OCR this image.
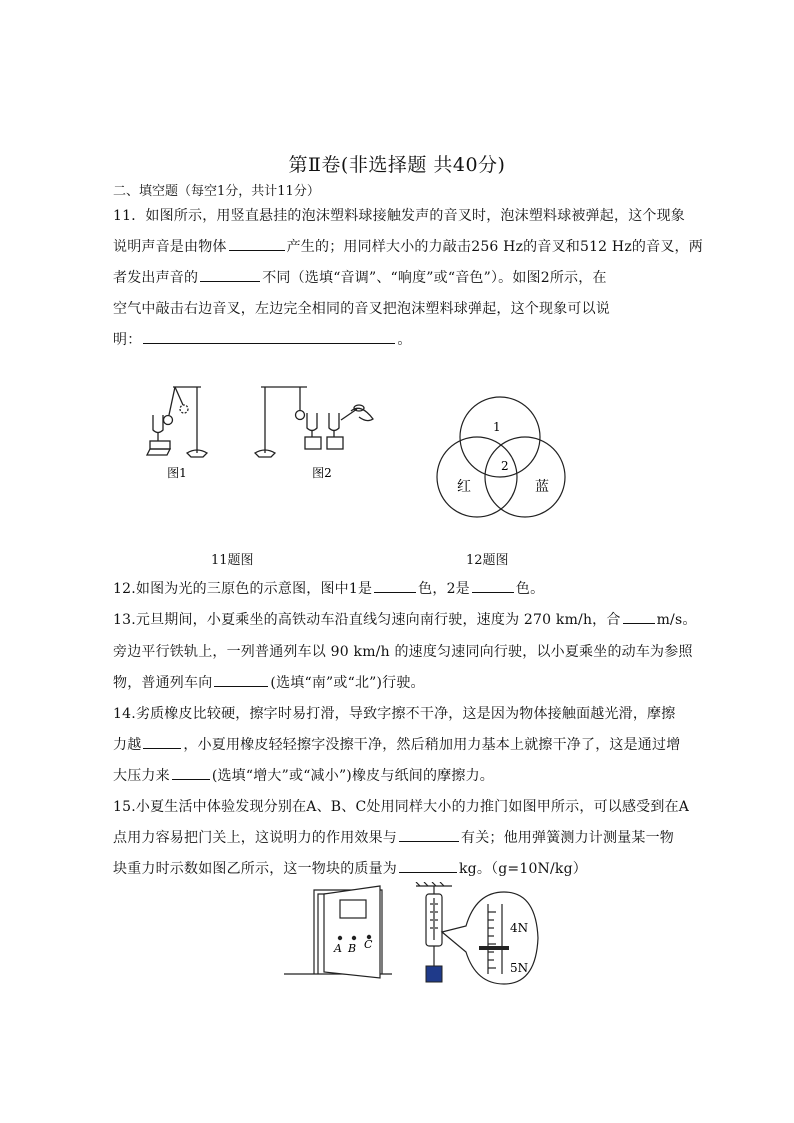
第Ⅱ卷(非选择题 共40分)
二、填空题（每空1分，共计11分）
11．如图所示，用竖直悬挂的泡沫塑料球接触发声的音叉时，泡沫塑料球被弹起，这个现象
说明声音是由物体	产生的；用同样大小的力敲击256 Hz的音叉和512 Hz的音叉，两
者发出声音的	不同（选填“音调”、“响度”或“音色”）。如图2所示，在
空气中敲击右边音叉，左边完全相同的音叉把泡沫塑料球弹起，这个现象可以说
明：	。
图1	图2
1
2
红	蓝
11题图	12题图
12.如图为光的三原色的示意图，图中1是	色，2是	色。
13.元旦期间，小夏乘坐的高铁动车沿直线匀速向南行驶，速度为 270 km/h，合	m/s。
旁边平行铁轨上，一列普通列车以 90 km/h 的速度匀速同向行驶，以小夏乘坐的动车为参照
物，普通列车向	(选填“南”或“北”)行驶。
14.劣质橡皮比较硬，擦字时易打滑，导致字擦不干净，这是因为物体接触面越光滑，摩擦
力越	，小夏用橡皮轻轻擦字没擦干净，然后稍加用力基本上就擦干净了，这是通过增
大压力来	(选填“增大”或“减小”)橡皮与纸间的摩擦力。
15.小夏生活中体验发现分别在A、B、C处用同样大小的力推门如图甲所示，可以感受到在A
点用力容易把门关上，这说明力的作用效果与	有关；他用弹簧测力计测量某一物
块重力时示数如图乙所示，这一物块的质量为	kg。（g=10N/kg）
A B C
4N
5N
